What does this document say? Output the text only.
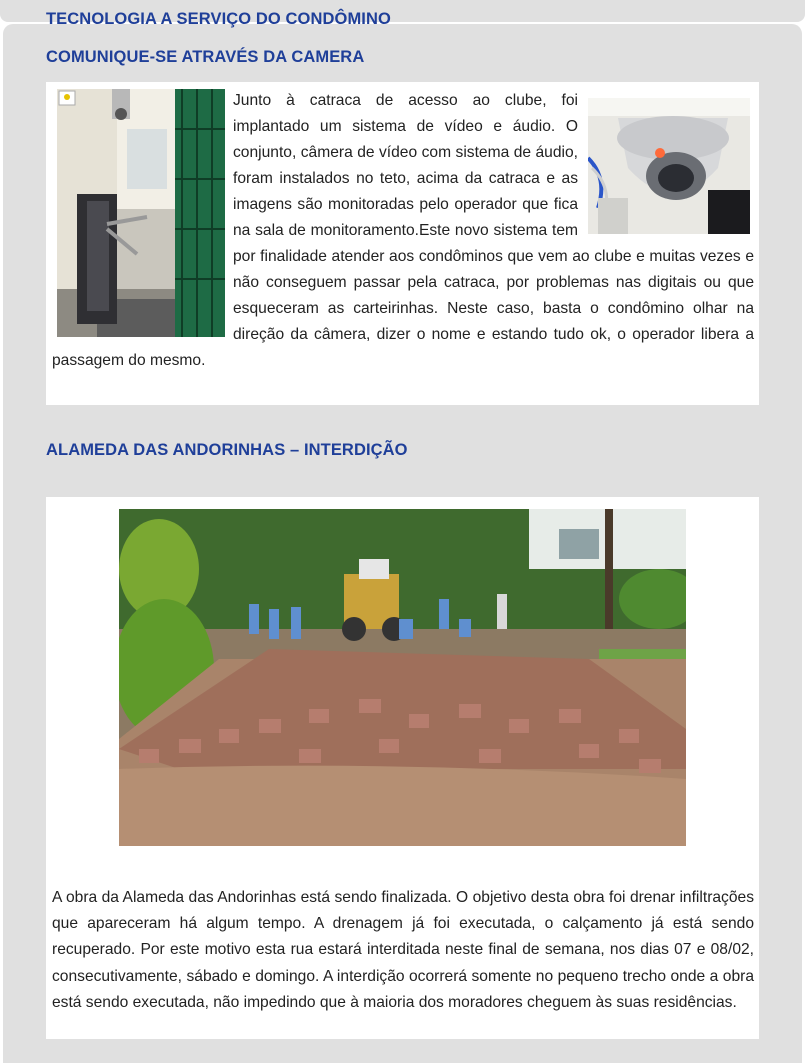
TECNOLOGIA A SERVIÇO DO CONDÔMINO
COMUNIQUE-SE ATRAVÉS DA CAMERA

Junto à catraca de acesso ao clube, foi implantado um sistema de vídeo e áudio. O conjunto, câmera de vídeo com sistema de áudio, foram instalados no teto, acima da catraca e as imagens são monitoradas pelo operador que fica na sala de monitoramento.Este novo sistema tem por finalidade atender aos condôminos que vem ao clube e muitas vezes e não conseguem passar pela catraca, por problemas nas digitais ou que esqueceram as carteirinhas. Neste caso, basta o condômino olhar na direção da câmera, dizer o nome e estando tudo ok, o operador libera a passagem do mesmo.

ALAMEDA DAS ANDORINHAS – INTERDIÇÃO

A obra da Alameda das Andorinhas está sendo finalizada. O objetivo desta obra foi drenar infiltrações que apareceram há algum tempo. A drenagem já foi executada, o calçamento já está sendo recuperado. Por este motivo esta rua estará interditada neste final de semana, nos dias 07 e 08/02, consecutivamente, sábado e domingo. A interdição ocorrerá somente no pequeno trecho onde a obra está sendo executada, não impedindo que à maioria dos moradores cheguem às suas residências.
